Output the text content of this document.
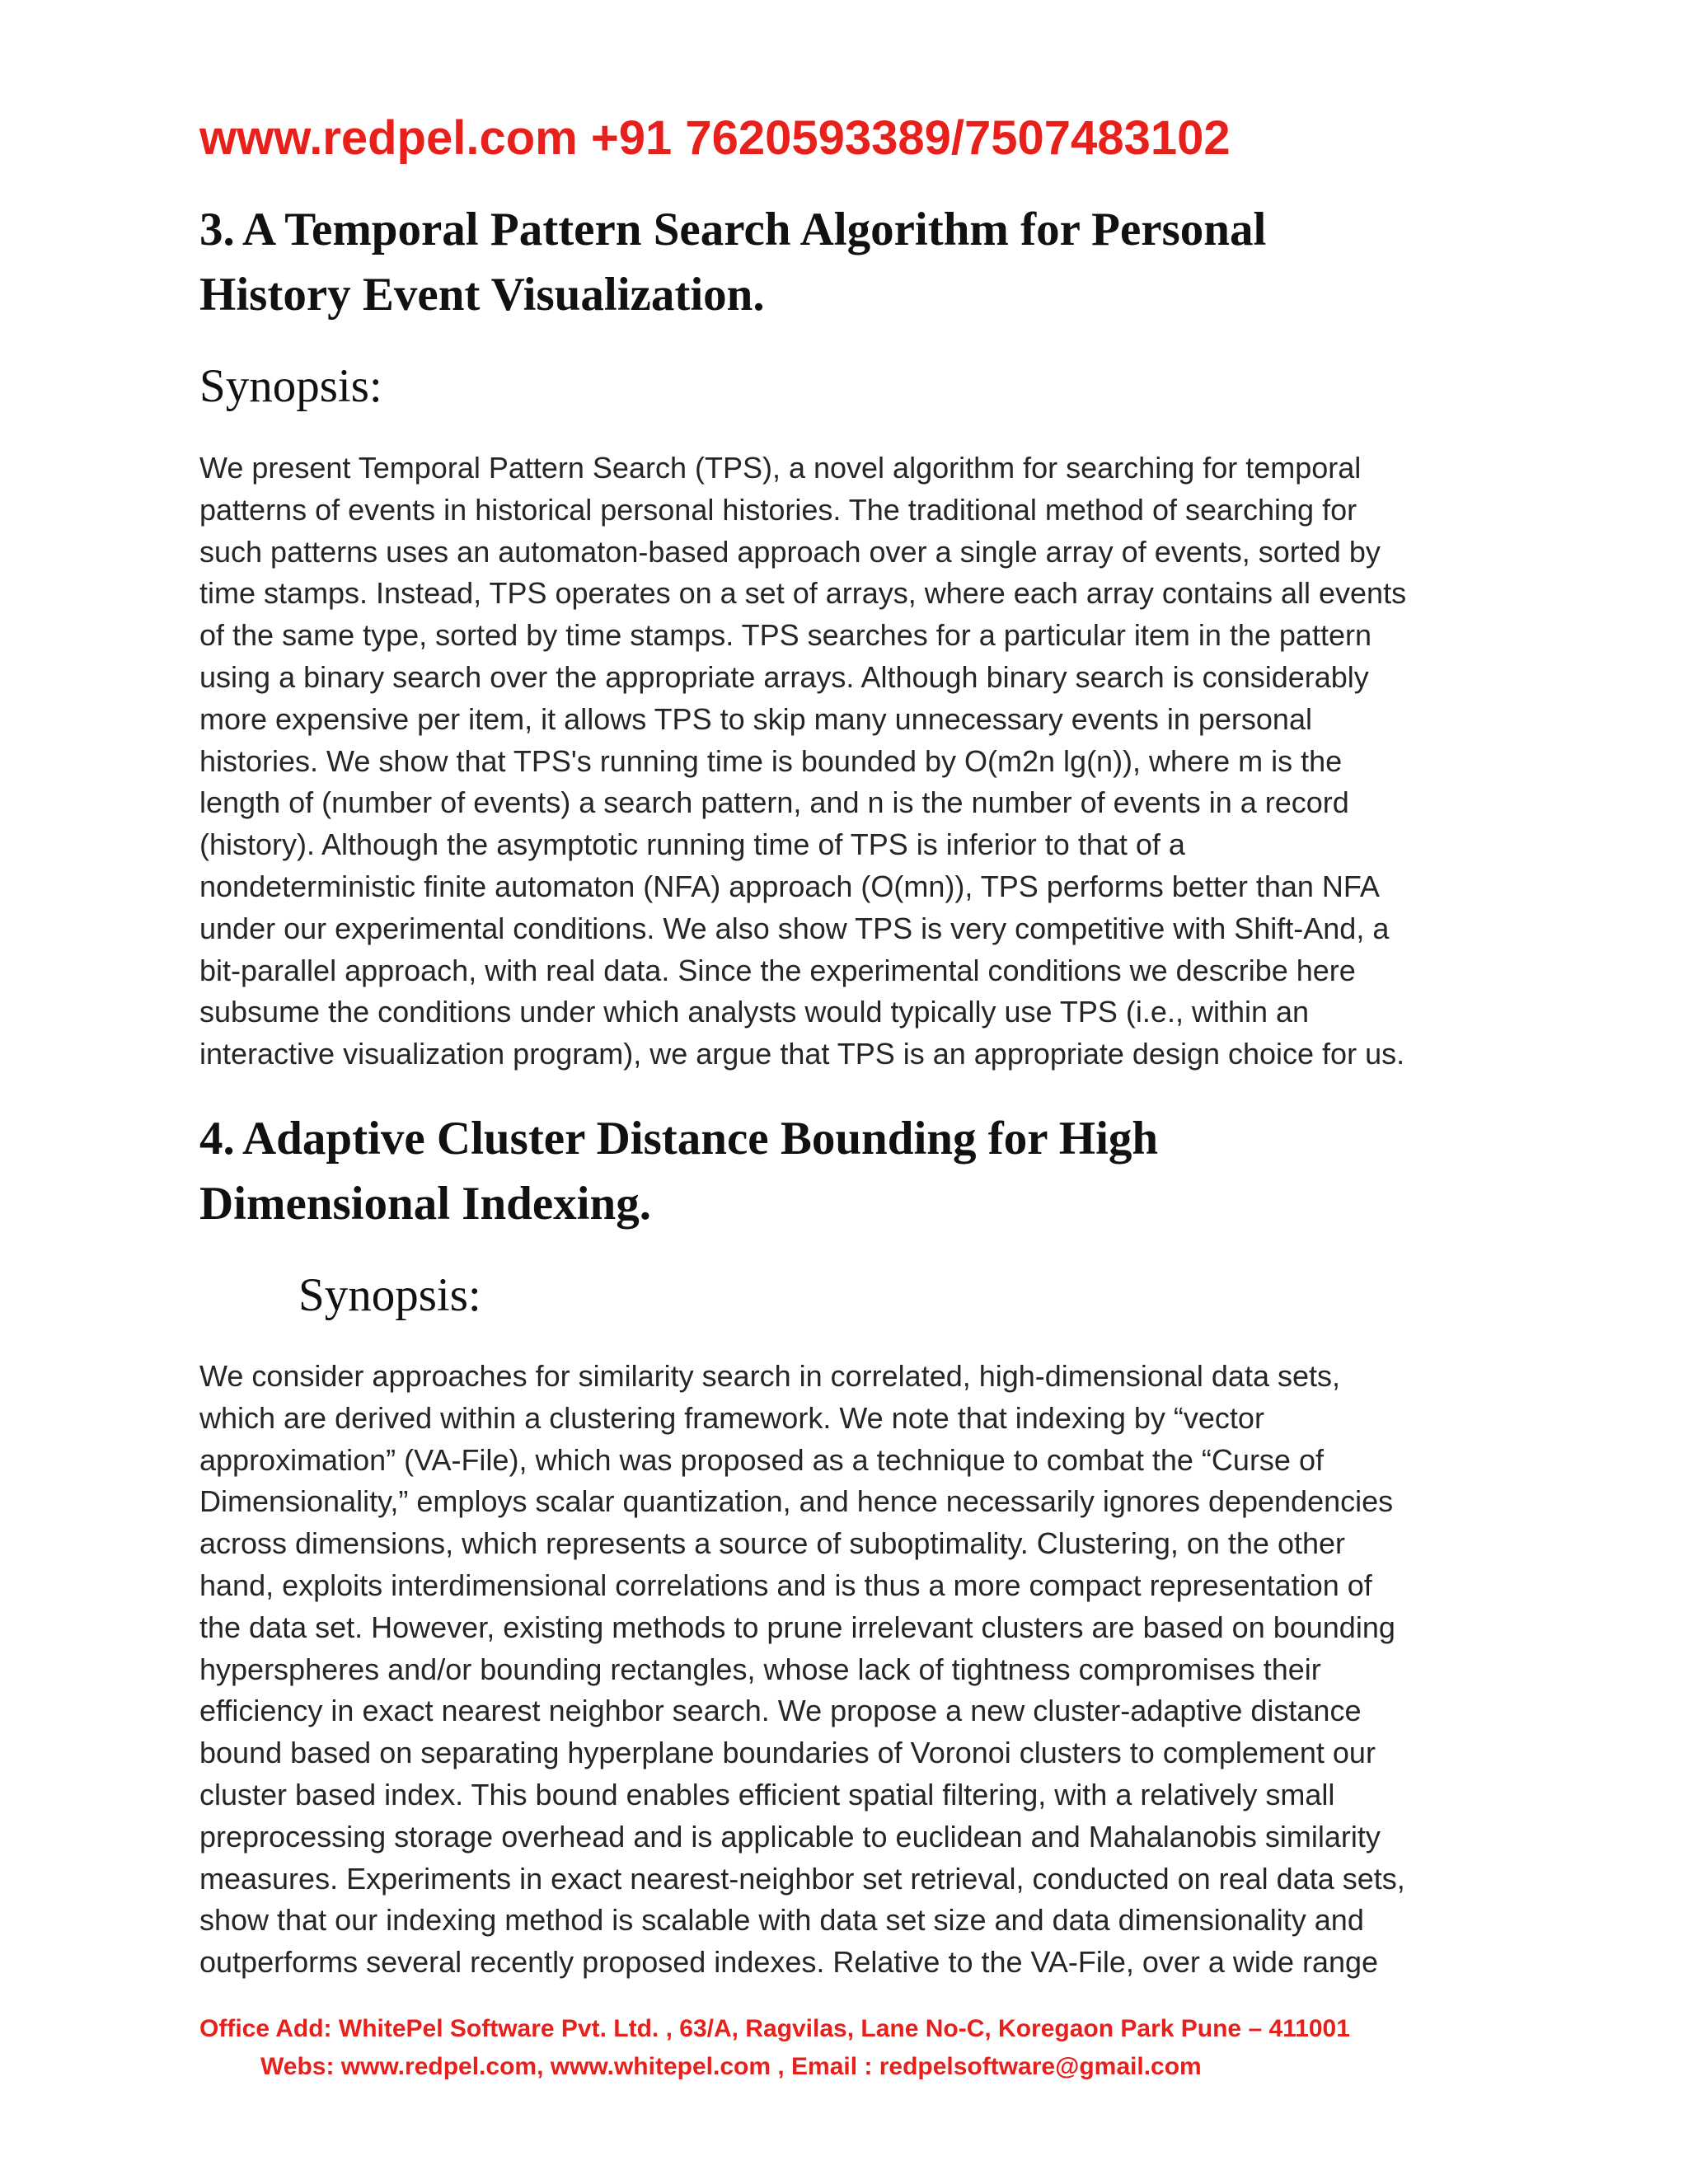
www.redpel.com +91 7620593389/7507483102

3. A Temporal Pattern Search Algorithm for Personal
History Event Visualization.

Synopsis:

We present Temporal Pattern Search (TPS), a novel algorithm for searching for temporal
patterns of events in historical personal histories. The traditional method of searching for
such patterns uses an automaton-based approach over a single array of events, sorted by
time stamps. Instead, TPS operates on a set of arrays, where each array contains all events
of the same type, sorted by time stamps. TPS searches for a particular item in the pattern
using a binary search over the appropriate arrays. Although binary search is considerably
more expensive per item, it allows TPS to skip many unnecessary events in personal
histories. We show that TPS's running time is bounded by O(m2n lg(n)), where m is the
length of (number of events) a search pattern, and n is the number of events in a record
(history). Although the asymptotic running time of TPS is inferior to that of a
nondeterministic finite automaton (NFA) approach (O(mn)), TPS performs better than NFA
under our experimental conditions. We also show TPS is very competitive with Shift-And, a
bit-parallel approach, with real data. Since the experimental conditions we describe here
subsume the conditions under which analysts would typically use TPS (i.e., within an
interactive visualization program), we argue that TPS is an appropriate design choice for us.
4. Adaptive Cluster Distance Bounding for High
Dimensional Indexing.

Synopsis:

We consider approaches for similarity search in correlated, high-dimensional data sets,
which are derived within a clustering framework. We note that indexing by “vector
approximation” (VA-File), which was proposed as a technique to combat the “Curse of
Dimensionality,” employs scalar quantization, and hence necessarily ignores dependencies
across dimensions, which represents a source of suboptimality. Clustering, on the other
hand, exploits interdimensional correlations and is thus a more compact representation of
the data set. However, existing methods to prune irrelevant clusters are based on bounding
hyperspheres and/or bounding rectangles, whose lack of tightness compromises their
efficiency in exact nearest neighbor search. We propose a new cluster-adaptive distance
bound based on separating hyperplane boundaries of Voronoi clusters to complement our
cluster based index. This bound enables efficient spatial filtering, with a relatively small
preprocessing storage overhead and is applicable to euclidean and Mahalanobis similarity
measures. Experiments in exact nearest-neighbor set retrieval, conducted on real data sets,
show that our indexing method is scalable with data set size and data dimensionality and
outperforms several recently proposed indexes. Relative to the VA-File, over a wide range

Office Add: WhitePel Software Pvt. Ltd. , 63/A, Ragvilas, Lane No-C, Koregaon Park Pune – 411001

Webs: www.redpel.com, www.whitepel.com , Email : redpelsoftware@gmail.com
